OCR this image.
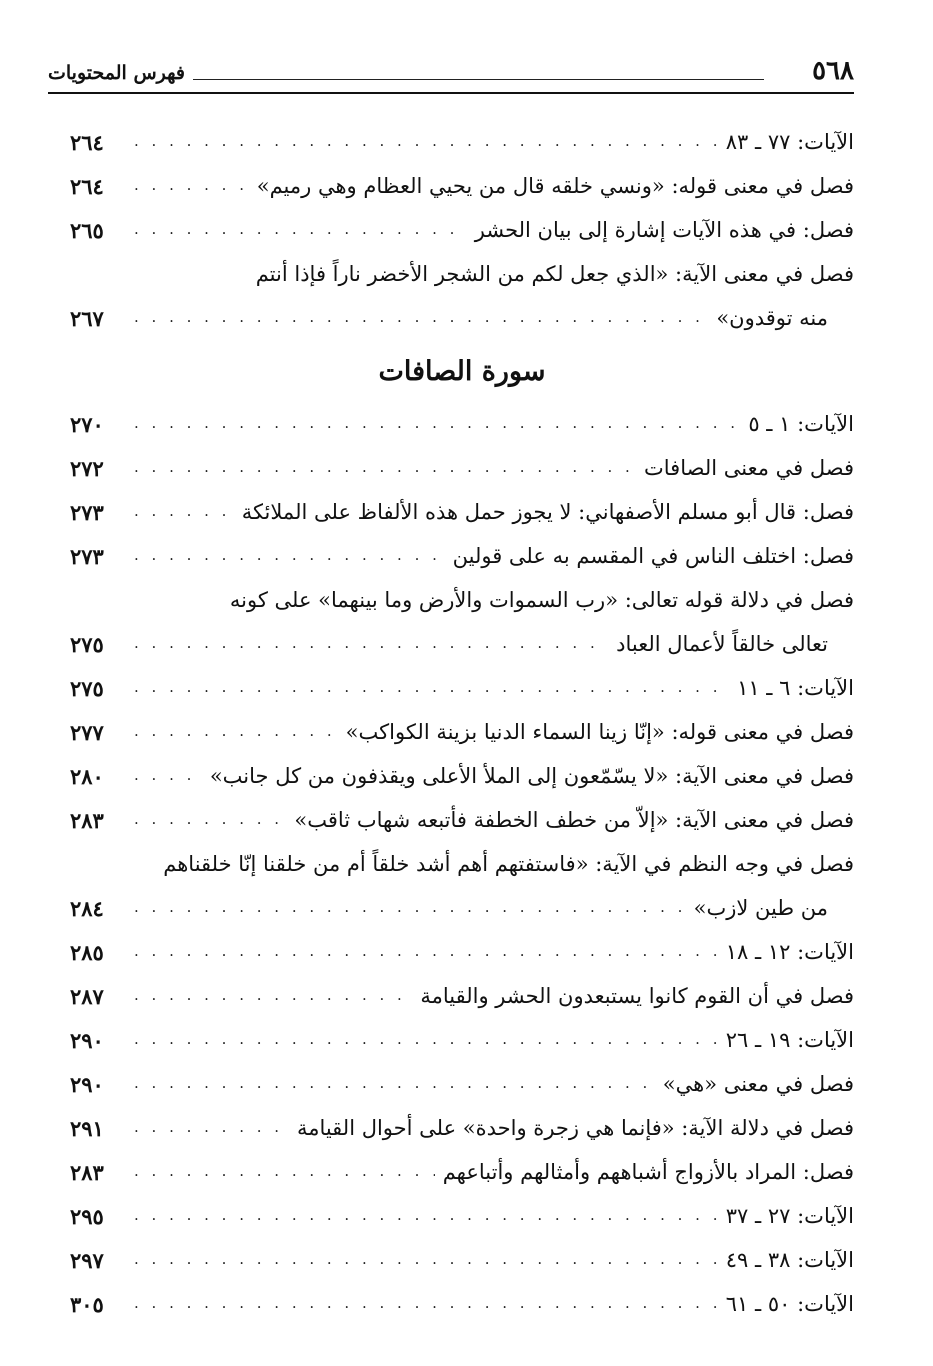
٥٦٨
فهرس المحتويات
الآيات: ٧٧ ـ ٨٣
. . .
٢٦٤
فصل في معنى قوله: «ونسي خلقه قال من يحيي العظام وهي رميم»
. . .
٢٦٤
فصل: في هذه الآيات إشارة إلى بيان الحشر
. . .
٢٦٥
فصل في معنى الآية: «الذي جعل لكم من الشجر الأخضر ناراً فإذا أنتم
منه توقدون»
. . .
٢٦٧
سورة الصافات
الآيات: ١ ـ ٥
. . .
٢٧٠
فصل في معنى الصافات
. . .
٢٧٢
فصل: قال أبو مسلم الأصفهاني: لا يجوز حمل هذه الألفاظ على الملائكة
. . .
٢٧٣
فصل: اختلف الناس في المقسم به على قولين
. . .
٢٧٣
فصل في دلالة قوله تعالى: «رب السموات والأرض وما بينهما» على كونه
تعالى خالقاً لأعمال العباد
. . .
٢٧٥
الآيات: ٦ ـ ١١
. . .
٢٧٥
فصل في معنى قوله: «إنّا زينا السماء الدنيا بزينة الكواكب»
. . .
٢٧٧
فصل في معنى الآية: «لا يسّمّعون إلى الملأ الأعلى ويقذفون من كل جانب»
. . .
٢٨٠
فصل في معنى الآية: «إلاّ من خطف الخطفة فأتبعه شهاب ثاقب»
. . .
٢٨٣
فصل في وجه النظم في الآية: «فاستفتهم أهم أشد خلقاً أم من خلقنا إنّا خلقناهم
من طين لازب»
. . .
٢٨٤
الآيات: ١٢ ـ ١٨
. . .
٢٨٥
فصل في أن القوم كانوا يستبعدون الحشر والقيامة
. . .
٢٨٧
الآيات: ١٩ ـ ٢٦
. . .
٢٩٠
فصل في معنى «هي»
. . .
٢٩٠
فصل في دلالة الآية: «فإنما هي زجرة واحدة» على أحوال القيامة
. . .
٢٩١
فصل: المراد بالأزواج أشباههم وأمثالهم وأتباعهم
. . .
٢٨٣
الآيات: ٢٧ ـ ٣٧
. . .
٢٩٥
الآيات: ٣٨ ـ ٤٩
. . .
٢٩٧
الآيات: ٥٠ ـ ٦١
. . .
٣٠٥
